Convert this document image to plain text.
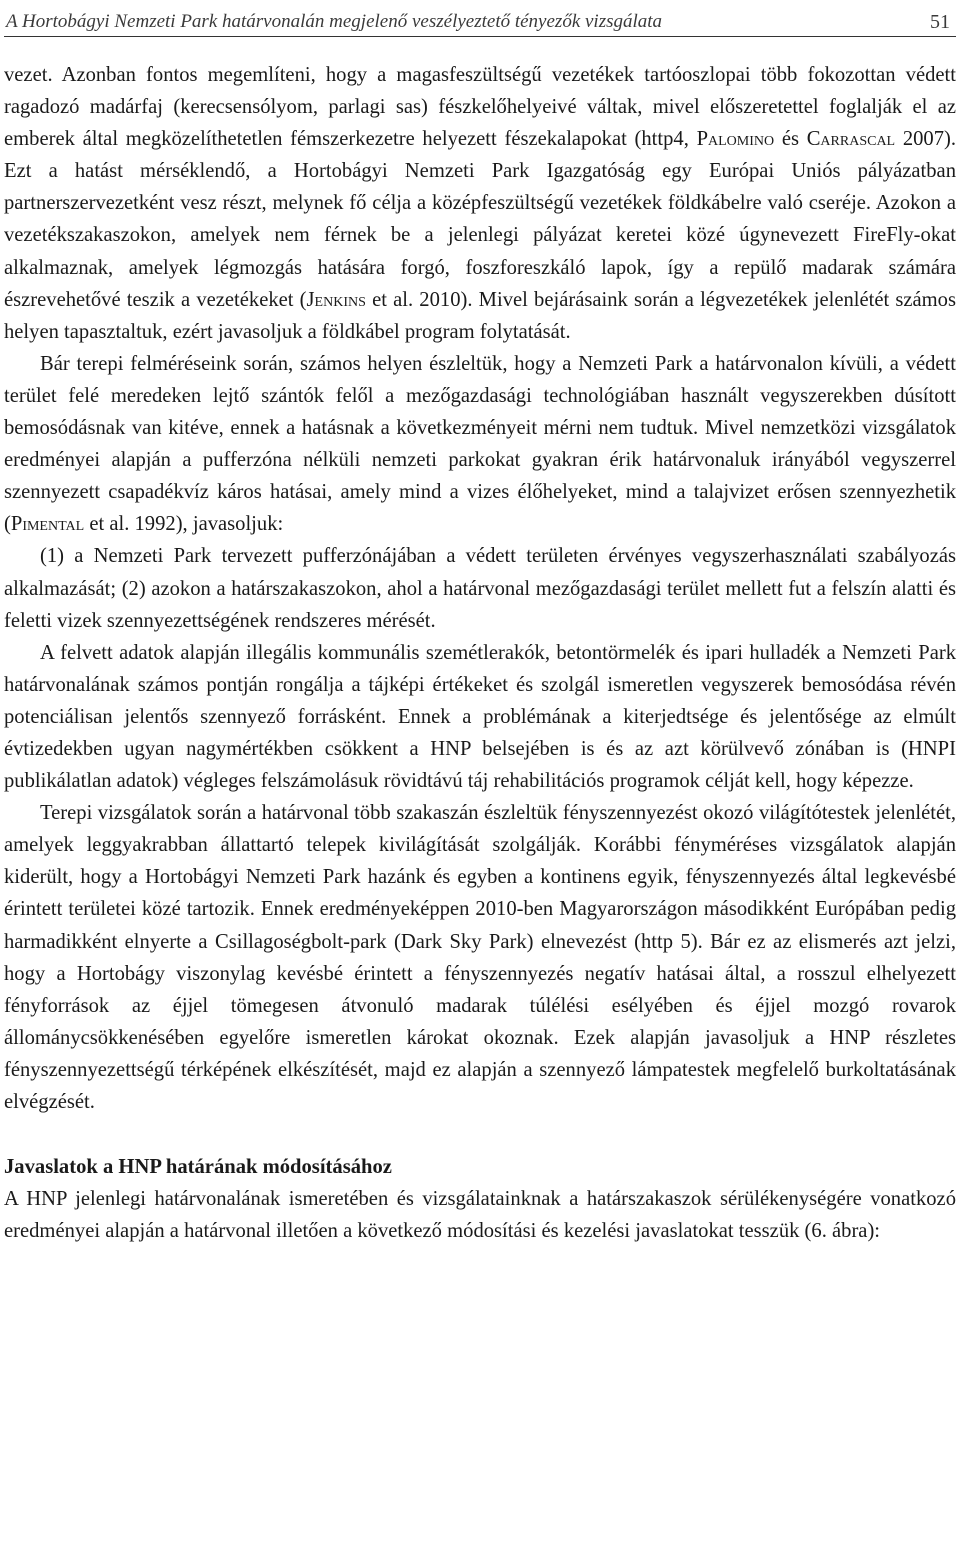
A Hortobágyi Nemzeti Park határvonalán megjelenő veszélyeztető tényezők vizsgálata	51

vezet. Azonban fontos megemlíteni, hogy a magasfeszültségű vezetékek tartóoszlopai több fokozottan védett ragadozó madárfaj (kerecsensólyom, parlagi sas) fészkelőhelyeivé váltak, mivel előszeretettel foglalják el az emberek által megközelíthetetlen fémszerkezetre helyezett fészekalapokat (http4, Palomino és Carrascal 2007). Ezt a hatást mérséklendő, a Hortobágyi Nemzeti Park Igazgatóság egy Európai Uniós pályázatban partnerszervezetként vesz részt, melynek fő célja a középfeszültségű vezetékek földkábelre való cseréje. Azokon a vezetékszakaszokon, amelyek nem férnek be a jelenlegi pályázat keretei közé úgynevezett FireFly-okat alkalmaznak, amelyek légmozgás hatására forgó, foszforeszkáló lapok, így a repülő madarak számára észrevehetővé teszik a vezetékeket (Jenkins et al. 2010). Mivel bejárásaink során a légvezetékek jelenlétét számos helyen tapasztaltuk, ezért javasoljuk a földkábel program folytatását.

Bár terepi felméréseink során, számos helyen észleltük, hogy a Nemzeti Park a határvonalon kívüli, a védett terület felé meredeken lejtő szántók felől a mezőgazdasági technológiában használt vegyszerekben dúsított bemosódásnak van kitéve, ennek a hatásnak a következményeit mérni nem tudtuk. Mivel nemzetközi vizsgálatok eredményei alapján a pufferzóna nélküli nemzeti parkokat gyakran érik határvonaluk irányából vegyszerrel szennyezett csapadékvíz káros hatásai, amely mind a vizes élőhelyeket, mind a talajvizet erősen szennyezhetik (Pimental et al. 1992), javasoljuk:

(1) a Nemzeti Park tervezett pufferzónájában a védett területen érvényes vegyszerhasználati szabályozás alkalmazását; (2) azokon a határszakaszokon, ahol a határvonal mezőgazdasági terület mellett fut a felszín alatti és feletti vizek szennyezettségének rendszeres mérését.

A felvett adatok alapján illegális kommunális szemétlerakók, betontörmelék és ipari hulladék a Nemzeti Park határvonalának számos pontján rongálja a tájképi értékeket és szolgál ismeretlen vegyszerek bemosódása révén potenciálisan jelentős szennyező forrásként. Ennek a problémának a kiterjedtsége és jelentősége az elmúlt évtizedekben ugyan nagymértékben csökkent a HNP belsejében is és az azt körülvevő zónában is (HNPI publikálatlan adatok) végleges felszámolásuk rövidtávú táj rehabilitációs programok célját kell, hogy képezze.

Terepi vizsgálatok során a határvonal több szakaszán észleltük fényszennyezést okozó világítótestek jelenlétét, amelyek leggyakrabban állattartó telepek kivilágítását szolgálják. Korábbi fényméréses vizsgálatok alapján kiderült, hogy a Hortobágyi Nemzeti Park hazánk és egyben a kontinens egyik, fényszennyezés által legkevésbé érintett területei közé tartozik. Ennek eredményeképpen 2010-ben Magyarországon másodikként Európában pedig harmadikként elnyerte a Csillagoségbolt-park (Dark Sky Park) elnevezést (http 5). Bár ez az elismerés azt jelzi, hogy a Hortobágy viszonylag kevésbé érintett a fényszennyezés negatív hatásai által, a rosszul elhelyezett fényforrások az éjjel tömegesen átvonuló madarak túlélési esélyében és éjjel mozgó rovarok állománycsökkenésében egyelőre ismeretlen károkat okoznak. Ezek alapján javasoljuk a HNP részletes fényszennyezettségű térképének elkészítését, majd ez alapján a szennyező lámpatestek megfelelő burkoltatásának elvégzését.

Javaslatok a HNP határának módosításához

A HNP jelenlegi határvonalának ismeretében és vizsgálatainknak a határszakaszok sérülékenységére vonatkozó eredményei alapján a határvonal illetően a következő módosítási és kezelési javaslatokat tesszük (6. ábra):
